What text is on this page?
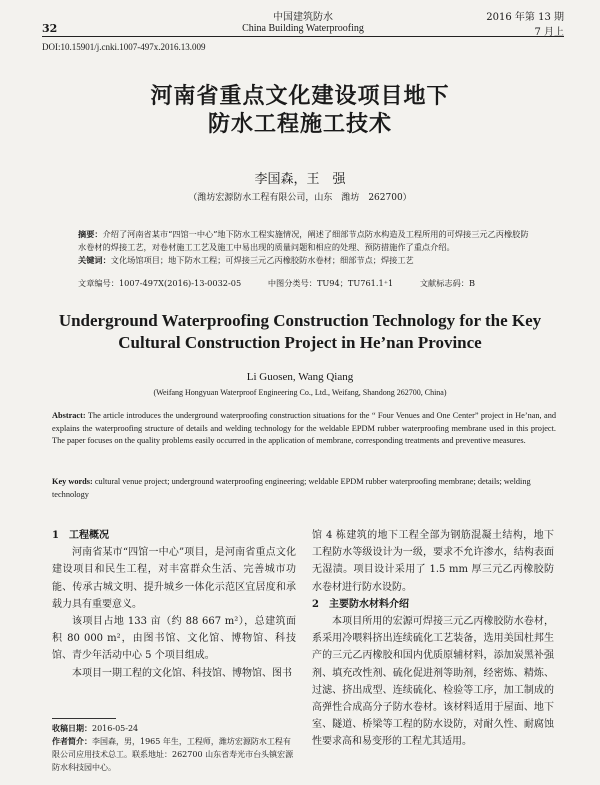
32
中国建筑防水
China Building Waterproofing
2016 年第 13 期
7 月上
DOI:10.15901/j.cnki.1007-497x.2016.13.009
河南省重点文化建设项目地下
防水工程施工技术
李国森，王　强
（潍坊宏源防水工程有限公司，山东　潍坊　262700）
摘要：介绍了河南省某市“四馆一中心”地下防水工程实施情况，阐述了细部节点防水构造及工程所用的可焊接三元乙丙橡胶防水卷材的焊接工艺，对卷材施工工艺及施工中易出现的质量问题和相应的处理、预防措施作了重点介绍。
关键词：文化场馆项目；地下防水工程；可焊接三元乙丙橡胶防水卷材；细部节点；焊接工艺
文章编号：1007-497X(2016)-13-0032-05	中图分类号：TU94；TU761.1⁺1	文献标志码：B
Underground Waterproofing Construction Technology for the Key Cultural Construction Project in He’nan Province
Li Guosen, Wang Qiang
(Weifang Hongyuan Waterproof Engineering Co., Ltd., Weifang, Shandong 262700, China)
Abstract: The article introduces the underground waterproofing construction situations for the “ Four Venues and One Center” project in He’nan, and explains the waterproofing structure of details and welding technology for the weldable EPDM rubber waterproofing membrane used in this project. The paper focuses on the quality problems easily occurred in the application of membrane, corresponding treatments and preventive measures.
Key words: cultural venue project; underground waterproofing engineering; weldable EPDM rubber waterproofing membrane; details; welding technology

1　工程概况

河南省某市“四馆一中心”项目，是河南省重点文化建设项目和民生工程，对丰富群众生活、完善城市功能、传承古城文明、提升城乡一体化示范区宜居度和承载力具有重要意义。

该项目占地 133 亩（约 88 667 m²），总建筑面积 80 000 m²，由图书馆、文化馆、博物馆、科技馆、青少年活动中心 5 个项目组成。

本项目一期工程的文化馆、科技馆、博物馆、图书

馆 4 栋建筑的地下工程全部为钢筋混凝土结构，地下工程防水等级设计为一级，要求不允许渗水，结构表面无湿渍。项目设计采用了 1.5 mm 厚三元乙丙橡胶防水卷材进行防水设防。

2　主要防水材料介绍

本项目所用的宏源可焊接三元乙丙橡胶防水卷材，系采用冷喂料挤出连续硫化工艺装备，选用美国杜邦生产的三元乙丙橡胶和国内优质原辅材料，添加炭黑补强剂、填充改性剂、硫化促进剂等助剂，经密炼、精炼、过滤、挤出成型、连续硫化、检验等工序，加工制成的高弹性合成高分子防水卷材。该材料适用于屋面、地下室、隧道、桥梁等工程的防水设防，对耐久性、耐腐蚀性要求高和易变形的工程尤其适用。

收稿日期：2016-05-24
作者简介：李国森，男，1965 年生，工程师，潍坊宏源防水工程有限公司应用技术总工。联系地址：262700 山东省寿光市台头镇宏源防水科技园中心。
